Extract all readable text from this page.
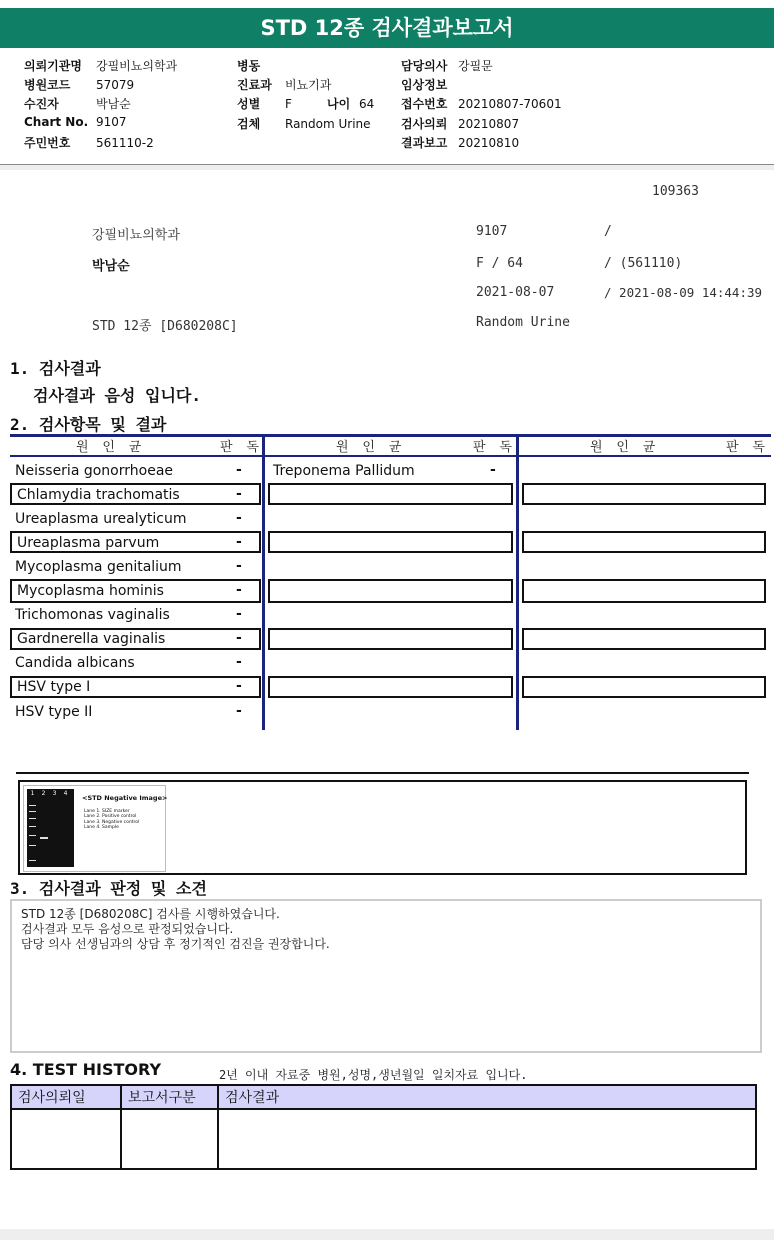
STD 12종 검사결과보고서
의뢰기관명 강필비뇨의학과
병원코드 57079
수진자	박남순
Chart No. 9107
주민번호 561110-2
병동
진료과 비뇨기과
성별 F	나이 64
검체 Random Urine
담당의사 강필문
임상정보
접수번호 20210807-70601
검사의뢰 20210807
결과보고 20210810
109363
강필비뇨의학과	9107	/
박남순	F / 64	/ (561110)
2021-08-07	/ 2021-08-09 14:44:39
STD 12종 [D680208C]	Random Urine
1. 검사결과
검사결과 음성 입니다.
2. 검사항목 및 결과
원 인 균	판 독	원 인 균	판 독	원 인 균	판 독
Neisseria gonorrhoeae	-
Chlamydia trachomatis	-
Ureaplasma urealyticum	-
Ureaplasma parvum	-
Mycoplasma genitalium	-
Mycoplasma hominis	-
Trichomonas vaginalis	-
Gardnerella vaginalis	-
Candida albicans	-
HSV type I	-
HSV type II	-
Treponema Pallidum	-
1 2 3 4
<STD Negative Image>
Lane 1. SIZE marker
Lane 2. Positive control
Lane 3. Negative control
Lane 4. Sample
3. 검사결과 판정 및 소견
STD 12종 [D680208C] 검사를 시행하였습니다.
검사결과 모두 음성으로 판정되었습니다.
담당 의사 선생님과의 상담 후 정기적인 검진을 권장합니다.
4. TEST HISTORY	2년 이내 자료중 병원,성명,생년월일 일치자료 입니다.
검사의뢰일	보고서구분	검사결과
